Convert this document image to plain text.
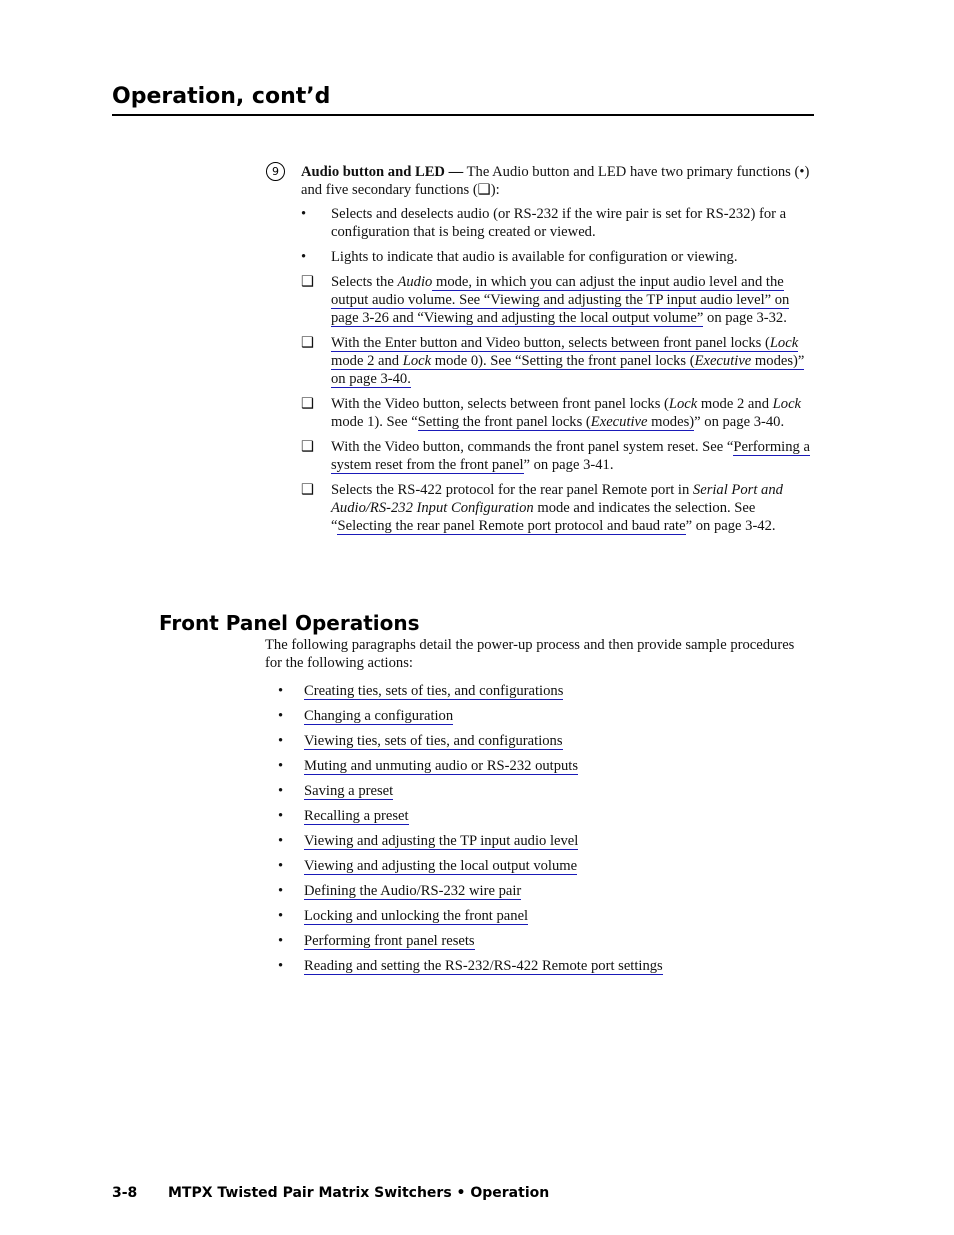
Operation, cont’d
9	Audio button and LED — The Audio button and LED have two primary functions (•) and five secondary functions (❑):

•	Selects and deselects audio (or RS-232 if the wire pair is set for RS-232) for a configuration that is being created or viewed.
•	Lights to indicate that audio is available for configuration or viewing.
❑	Selects the Audio mode, in which you can adjust the input audio level and the output audio volume. See “Viewing and adjusting the TP input audio level” on page 3-26 and “Viewing and adjusting the local output volume” on page 3-32.
❑	With the Enter button and Video button, selects between front panel locks (Lock mode 2 and Lock mode 0). See “Setting the front panel locks (Executive modes)” on page 3-40.
❑	With the Video button, selects between front panel locks (Lock mode 2 and Lock mode 1). See “Setting the front panel locks (Executive modes)” on page 3-40.
❑	With the Video button, commands the front panel system reset. See “Performing a system reset from the front panel” on page 3-41.
❑	Selects the RS-422 protocol for the rear panel Remote port in Serial Port and Audio/RS-232 Input Configuration mode and indicates the selection. See “Selecting the rear panel Remote port protocol and baud rate” on page 3-42.
Front Panel Operations

The following paragraphs detail the power-up process and then provide sample procedures for the following actions:

• Creating ties, sets of ties, and configurations
• Changing a configuration
• Viewing ties, sets of ties, and configurations
• Muting and unmuting audio or RS-232 outputs
• Saving a preset
• Recalling a preset
• Viewing and adjusting the TP input audio level
• Viewing and adjusting the local output volume
• Defining the Audio/RS-232 wire pair
• Locking and unlocking the front panel
• Performing front panel resets
• Reading and setting the RS-232/RS-422 Remote port settings

3-8 MTPX Twisted Pair Matrix Switchers • Operation
